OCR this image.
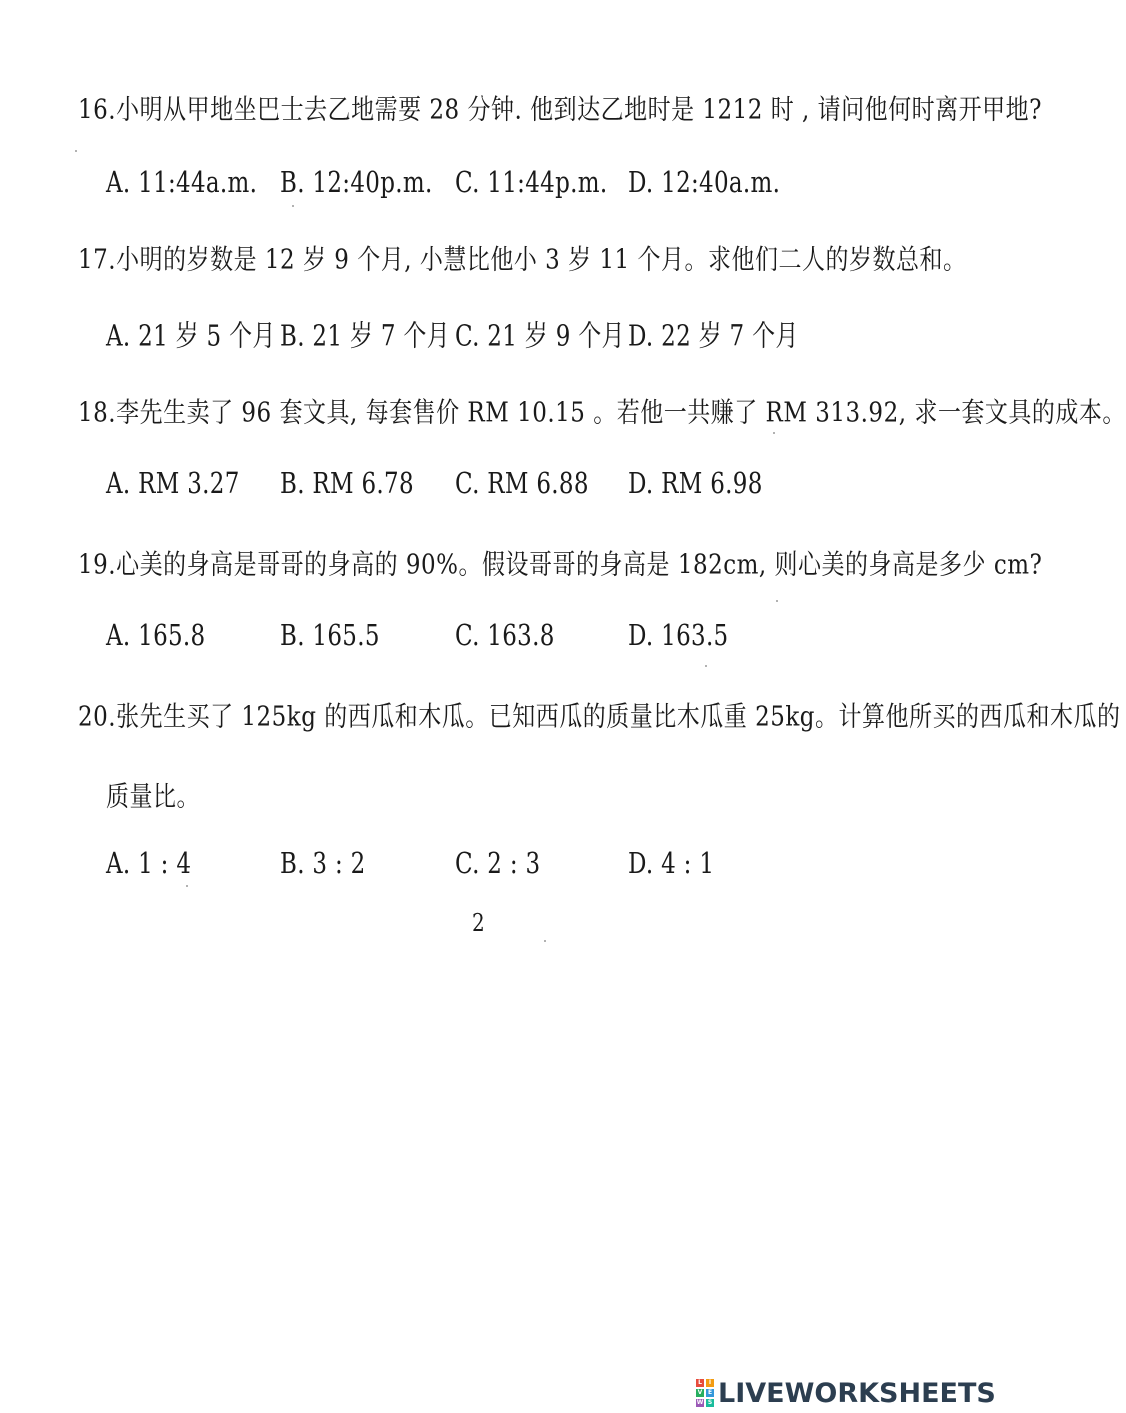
16.小明从甲地坐巴士去乙地需要 28 分钟. 他到达乙地时是 1212 时 , 请问他何时离开甲地?
A. 11:44a.m. B. 12:40p.m. C. 11:44p.m. D. 12:40a.m.
17.小明的岁数是 12 岁 9 个月, 小慧比他小 3 岁 11 个月。求他们二人的岁数总和。
A. 21 岁 5 个月 B. 21 岁 7 个月 C. 21 岁 9 个月 D. 22 岁 7 个月
18.李先生卖了 96 套文具, 每套售价 RM 10.15 。若他一共赚了 RM 313.92, 求一套文具的成本。
A. RM 3.27 B. RM 6.78 C. RM 6.88 D. RM 6.98
19.心美的身高是哥哥的身高的 90%。假设哥哥的身高是 182cm, 则心美的身高是多少 cm?
A. 165.8	B. 165.5	C. 163.8	D. 163.5
20.张先生买了 125kg 的西瓜和木瓜。已知西瓜的质量比木瓜重 25kg。计算他所买的西瓜和木瓜的
质量比。
A. 1 : 4	B. 3 : 2	C. 2 : 3	D. 4 : 1
2
L	I
V E
W S LIVEWORKSHEETS
